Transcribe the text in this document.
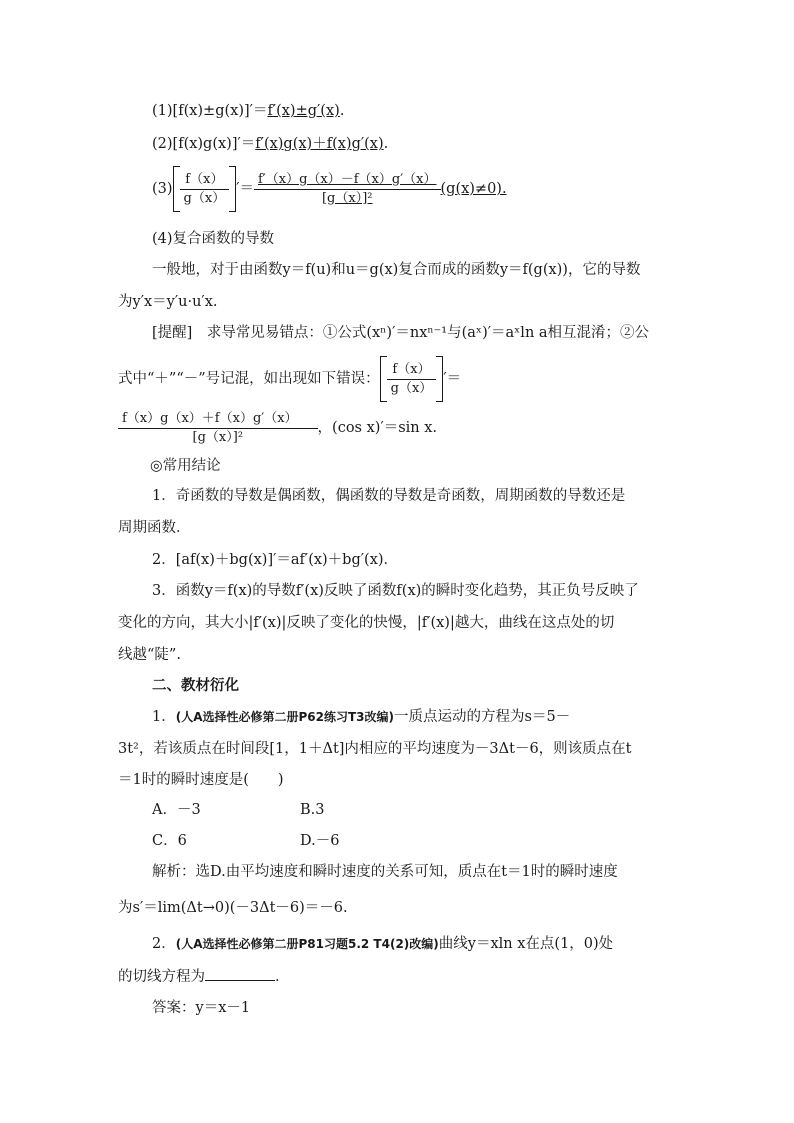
(1)[f(x)±g(x)]′＝f′(x)±g′(x).
(2)[f(x)g(x)]′＝f′(x)g(x)＋f(x)g′(x).
$(3) \frac{f(x)}{g(x)}$ ′＝ $\frac{f'(x)g(x)-f(x)g'(x)}{\text{[g（x）]²}} (g(x)\ne 0)$.
(4)复合函数的导数
一般地，对于由函数y＝f(u)和u＝g(x)复合而成的函数y＝f(g(x))，它的导数
为y′x＝y′u·u′x.
[提醒]　求导常见易错点：①公式(xⁿ)′＝nxⁿ⁻¹与(aˣ)′＝aˣln a相互混淆；②公
式中“＋”“－”号记混，如出现如下错误： $\frac{f(x)}{g(x)}$ ′＝
$\frac{f(x)g(x)+f(x)g'(x)}{\text{[g（x）]²}}$ ，(cos x)′＝sin x.
◎常用结论
1．奇函数的导数是偶函数，偶函数的导数是奇函数，周期函数的导数还是
周期函数．
2．[af(x)＋bg(x)]′＝af′(x)＋bg′(x)．
3．函数y＝f(x)的导数f′(x)反映了函数f(x)的瞬时变化趋势，其正负号反映了
变化的方向，其大小|f′(x)|反映了变化的快慢，|f′(x)|越大，曲线在这点处的切
线越“陡”.
二、教材衍化
1．(人A选择性必修第二册P62练习T3改编)一质点运动的方程为s＝5－
3t²，若该质点在时间段[1，1＋Δt]内相应的平均速度为－3Δt－6，则该质点在t
＝1时的瞬时速度是(　　)
A．－3	B.3
C．6	D.－6
解析：选D.由平均速度和瞬时速度的关系可知，质点在t＝1时的瞬时速度
为s′＝lim(Δt→0)(－3Δt－6)＝－6.
2．(人A选择性必修第二册P81习题5.2 T4(2)改编)曲线y＝xln x在点(1，0)处
的切线方程为	．
答案：y＝x－1
